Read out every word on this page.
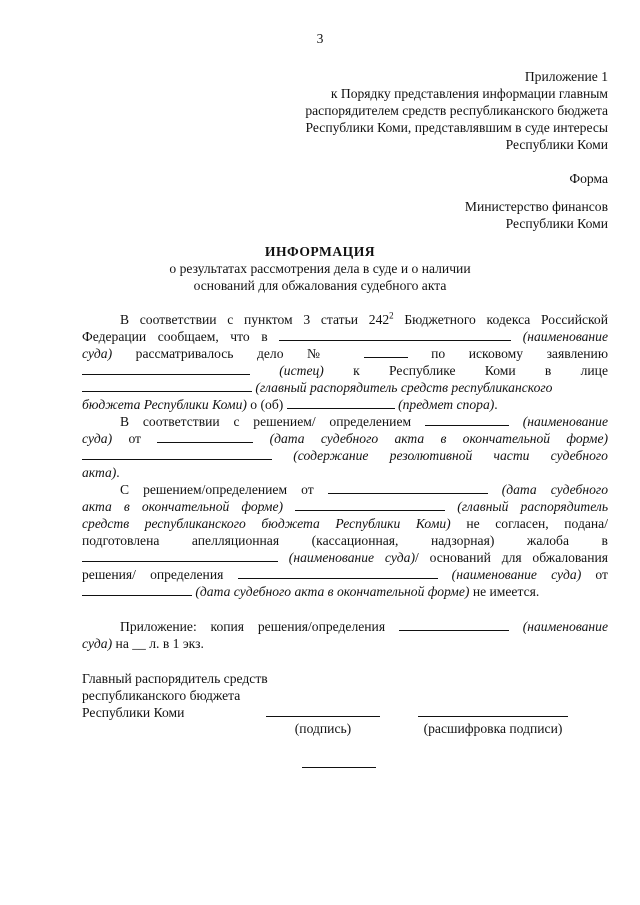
3
Приложение 1
к Порядку представления информации главным
распорядителем средств республиканского бюджета
Республики Коми, представлявшим в суде интересы
Республики Коми
Форма
Министерство финансов
Республики Коми
ИНФОРМАЦИЯ
о результатах рассмотрения дела в суде и о наличии
оснований для обжалования судебного акта
В соответствии с пунктом 3 статьи $242^2$ Бюджетного кодекса Российской
Федерации сообщаем, что в	(наименование
суда) рассматривалось дело №	по исковому заявлению
(истец) к Республике Коми в лице
(главный распорядитель средств республиканского
бюджета Республики Коми) о (об)	(предмет спора).
В соответствии с решением/ определением	(наименование
суда) от	(дата судебного акта в окончательной форме)
(содержание резолютивной части судебного
акта).
С решением/определением от	(дата судебного
акта в окончательной форме)	(главный распорядитель
средств республиканского бюджета Республики Коми) не согласен, подана/
подготовлена апелляционная (кассационная, надзорная) жалоба в
(наименование суда)/ оснований для обжалования
решения/ определения	(наименование суда) от
(дата судебного акта в окончательной форме) не имеется.
Приложение: копия решения/определения	(наименование
суда) на __ л. в 1 экз.
Главный распорядитель средств
республиканского бюджета
Республики Коми
(подпись)	(расшифровка подписи)
